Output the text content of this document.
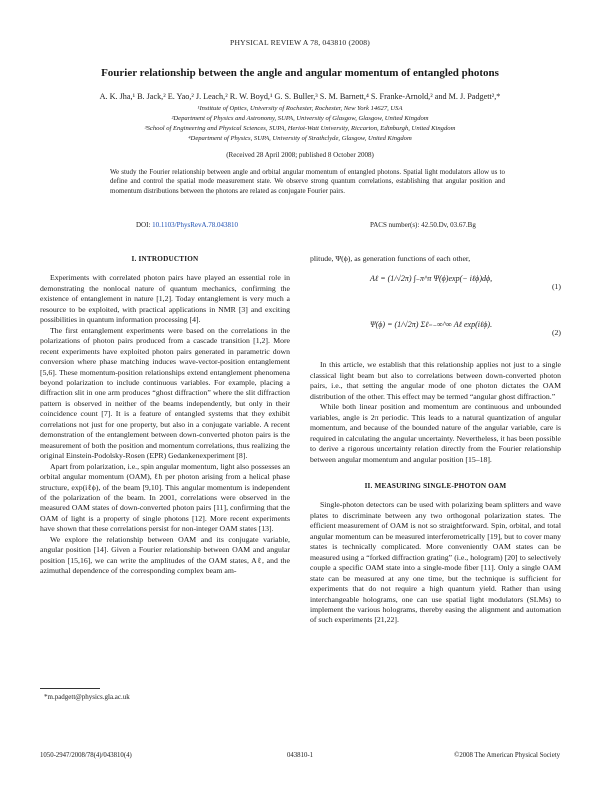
PHYSICAL REVIEW A 78, 043810 (2008)
Fourier relationship between the angle and angular momentum of entangled photons
A. K. Jha,¹ B. Jack,² E. Yao,² J. Leach,² R. W. Boyd,¹ G. S. Buller,³ S. M. Barnett,⁴ S. Franke-Arnold,² and M. J. Padgett²,*
¹Institute of Optics, University of Rochester, Rochester, New York 14627, USA
²Department of Physics and Astronomy, SUPA, University of Glasgow, Glasgow, United Kingdom
³School of Engineering and Physical Sciences, SUPA, Heriot-Watt University, Riccarton, Edinburgh, United Kingdom
⁴Department of Physics, SUPA, University of Strathclyde, Glasgow, United Kingdom
(Received 28 April 2008; published 8 October 2008)
We study the Fourier relationship between angle and orbital angular momentum of entangled photons. Spatial light modulators allow us to define and control the spatial mode measurement state. We observe strong quantum correlations, establishing that angular position and momentum distributions between the photons are related as conjugate Fourier pairs.
DOI: 10.1103/PhysRevA.78.043810	PACS number(s): 42.50.Dv, 03.67.Bg
I. INTRODUCTION

Experiments with correlated photon pairs have played an essential role in demonstrating the nonlocal nature of quantum mechanics, confirming the existence of entanglement in nature [1,2]. Today entanglement is very much a resource to be exploited, with practical applications in NMR [3] and exciting possibilities in quantum information processing [4].

The first entanglement experiments were based on the correlations in the polarizations of photon pairs produced from a cascade transition [1,2]. More recent experiments have exploited photon pairs generated in parametric down conversion where phase matching induces wave-vector-position entanglement [5,6]. These momentum-position relationships extend entanglement phenomena beyond polarization to include continuous variables. For example, placing a diffraction slit in one arm produces “ghost diffraction” where the slit diffraction pattern is observed in neither of the beams independently, but only in their coincidence count [7]. It is a feature of entangled systems that they exhibit correlations not just for one property, but also in a conjugate variable. A recent demonstration of the entanglement between down-converted photon pairs is the measurement of both the position and momentum correlations, thus realizing the original Einstein-Podolsky-Rosen (EPR) Gedankenexperiment [8].

Apart from polarization, i.e., spin angular momentum, light also possesses an orbital angular momentum (OAM), ℓħ per photon arising from a helical phase structure, exp(iℓϕ), of the beam [9,10]. This angular momentum is independent of the polarization of the beam. In 2001, correlations were observed in the measured OAM states of down-converted photon pairs [11], confirming that the OAM of light is a property of single photons [12]. More recent experiments have shown that these correlations persist for non-integer OAM states [13].

We explore the relationship between OAM and its conjugate variable, angular position [14]. Given a Fourier relationship between OAM and angular position [15,16], we can write the amplitudes of the OAM states, Aℓ, and the azimuthal dependence of the corresponding complex beam am-

plitude, Ψ(ϕ), as generation functions of each other,

Aℓ = (1/√2π) ∫₋π^π Ψ(ϕ)exp(− iℓϕ)dϕ,
(1)
Ψ(ϕ) = (1/√2π) Σℓ₌₋∞^∞ Aℓ exp(iℓϕ).
(2)

In this article, we establish that this relationship applies not just to a single classical light beam but also to correlations between down-converted photon pairs, i.e., that setting the angular mode of one photon dictates the OAM distribution of the other. This effect may be termed “angular ghost diffraction.”

While both linear position and momentum are continuous and unbounded variables, angle is 2π periodic. This leads to a natural quantization of angular momentum, and because of the bounded nature of the angular variable, care is required in calculating the angular uncertainty. Nevertheless, it has been possible to derive a rigorous uncertainty relation directly from the Fourier relationship between angular momentum and angular position [15–18].

II. MEASURING SINGLE-PHOTON OAM

Single-photon detectors can be used with polarizing beam splitters and wave plates to discriminate between any two orthogonal polarization states. The efficient measurement of OAM is not so straightforward. Spin, orbital, and total angular momentum can be measured interferometrically [19], but to cover many states is technically complicated. More conveniently OAM states can be measured using a “forked diffraction grating” (i.e., hologram) [20] to selectively couple a specific OAM state into a single-mode fiber [11]. Only a single OAM state can be measured at any one time, but the technique is sufficient for experiments that do not require a high quantum yield. Rather than using interchangeable holograms, one can use spatial light modulators (SLMs) to implement the various holograms, thereby easing the alignment and automation of such experiments [21,22].

*m.padgett@physics.gla.ac.uk
1050-2947/2008/78(4)/043810(4)	043810-1	©2008 The American Physical Society
